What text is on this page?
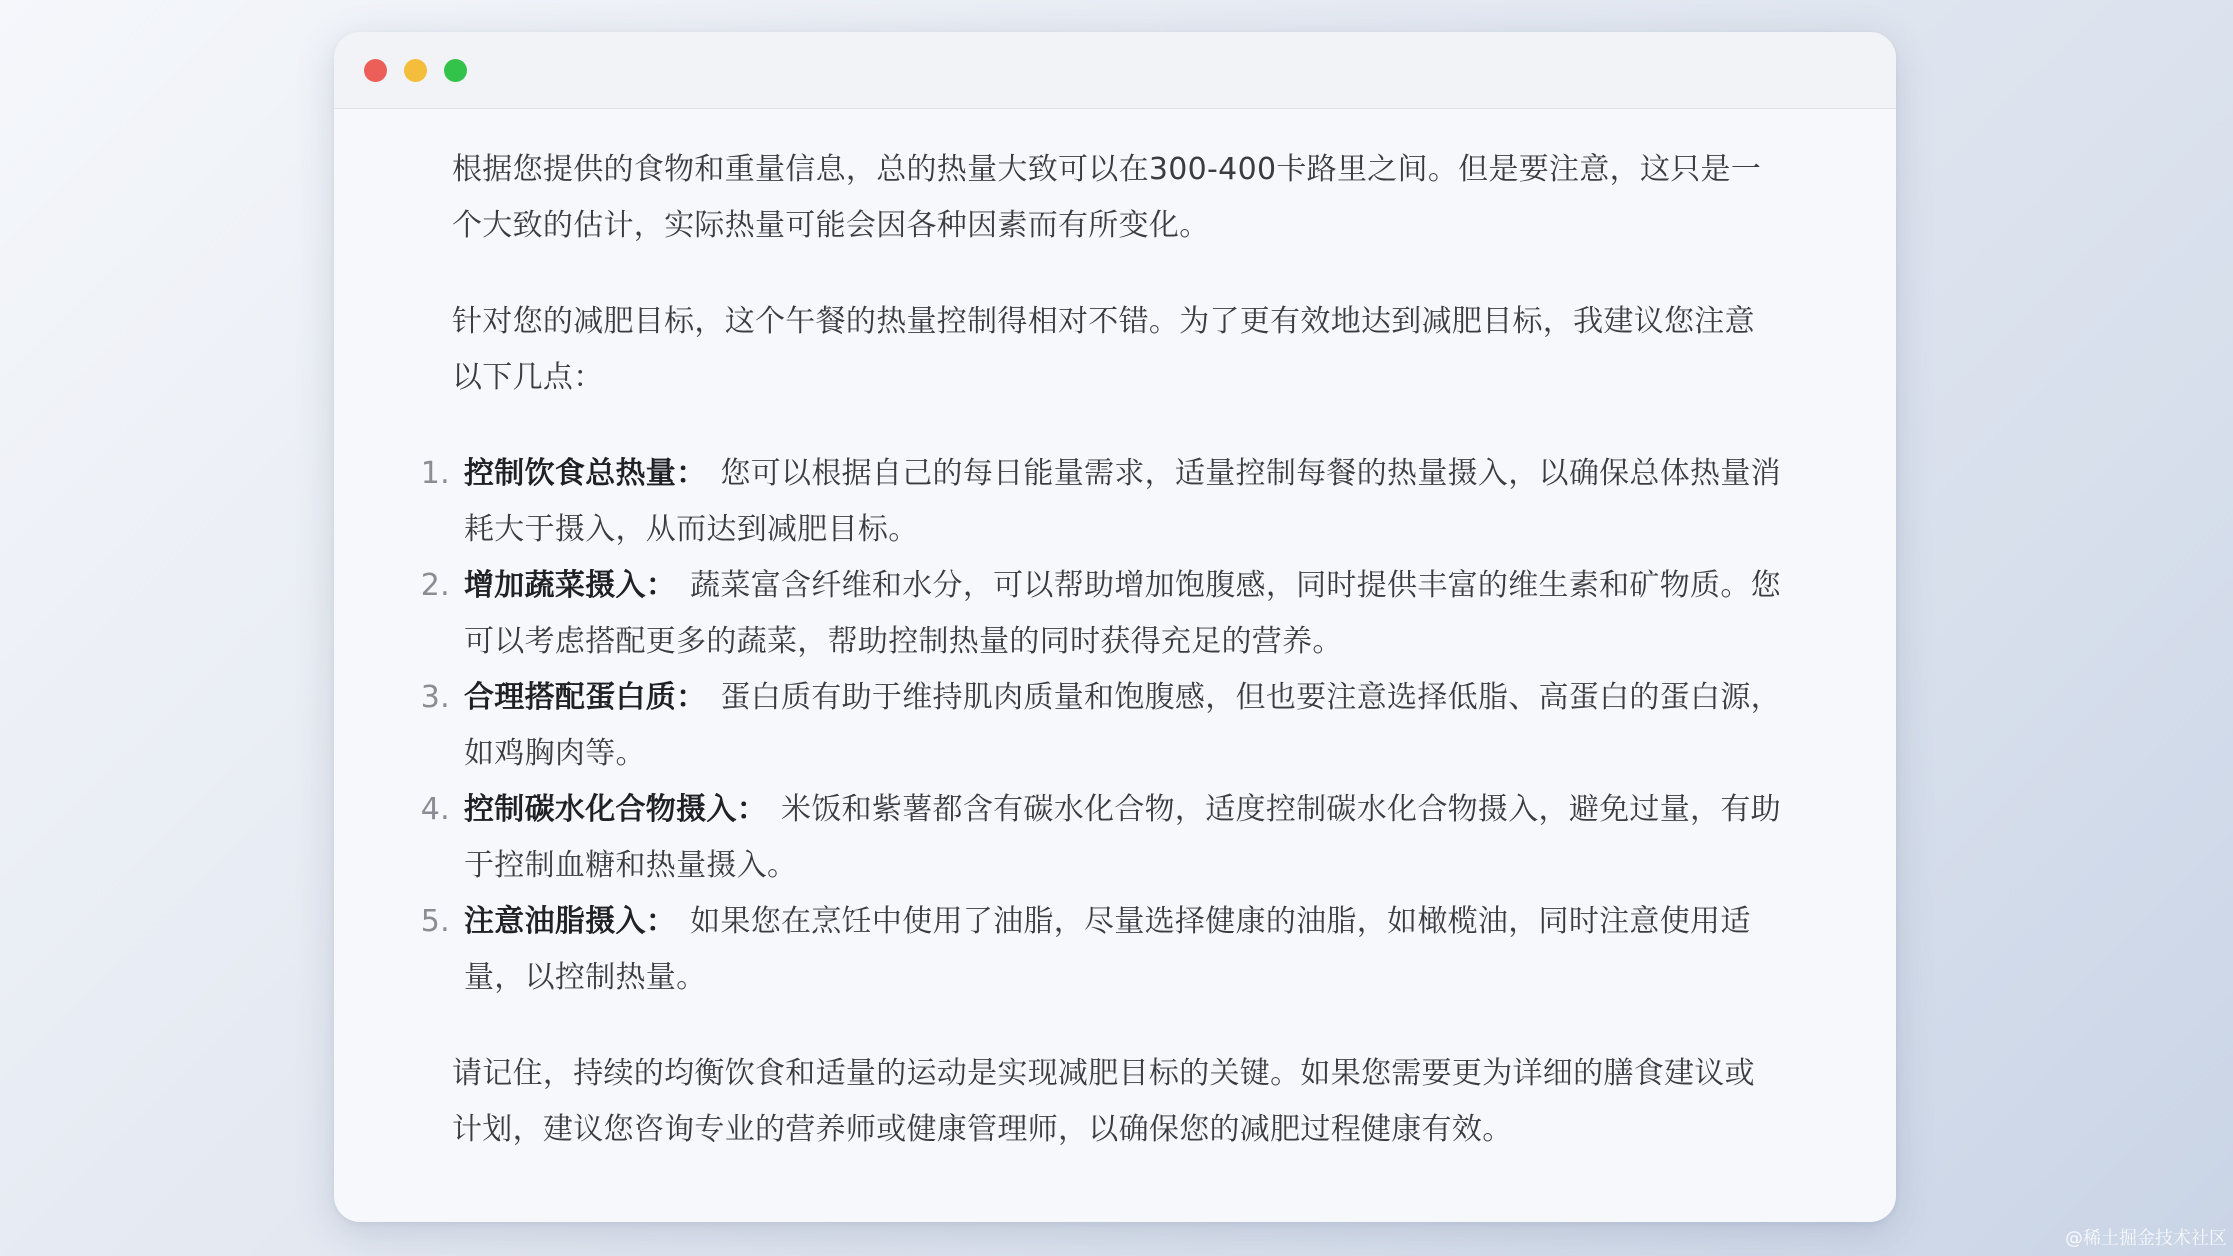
根据您提供的食物和重量信息，总的热量大致可以在300-400卡路里之间。但是要注意，这只是一个大致的估计，实际热量可能会因各种因素而有所变化。

针对您的减肥目标，这个午餐的热量控制得相对不错。为了更有效地达到减肥目标，我建议您注意以下几点：

1. 控制饮食总热量： 您可以根据自己的每日能量需求，适量控制每餐的热量摄入，以确保总体热量消耗大于摄入，从而达到减肥目标。
2. 增加蔬菜摄入： 蔬菜富含纤维和水分，可以帮助增加饱腹感，同时提供丰富的维生素和矿物质。您可以考虑搭配更多的蔬菜，帮助控制热量的同时获得充足的营养。
3. 合理搭配蛋白质： 蛋白质有助于维持肌肉质量和饱腹感，但也要注意选择低脂、高蛋白的蛋白源，如鸡胸肉等。
4. 控制碳水化合物摄入： 米饭和紫薯都含有碳水化合物，适度控制碳水化合物摄入，避免过量，有助于控制血糖和热量摄入。
5. 注意油脂摄入： 如果您在烹饪中使用了油脂，尽量选择健康的油脂，如橄榄油，同时注意使用适量，以控制热量。

请记住，持续的均衡饮食和适量的运动是实现减肥目标的关键。如果您需要更为详细的膳食建议或计划，建议您咨询专业的营养师或健康管理师，以确保您的减肥过程健康有效。

@稀土掘金技术社区
